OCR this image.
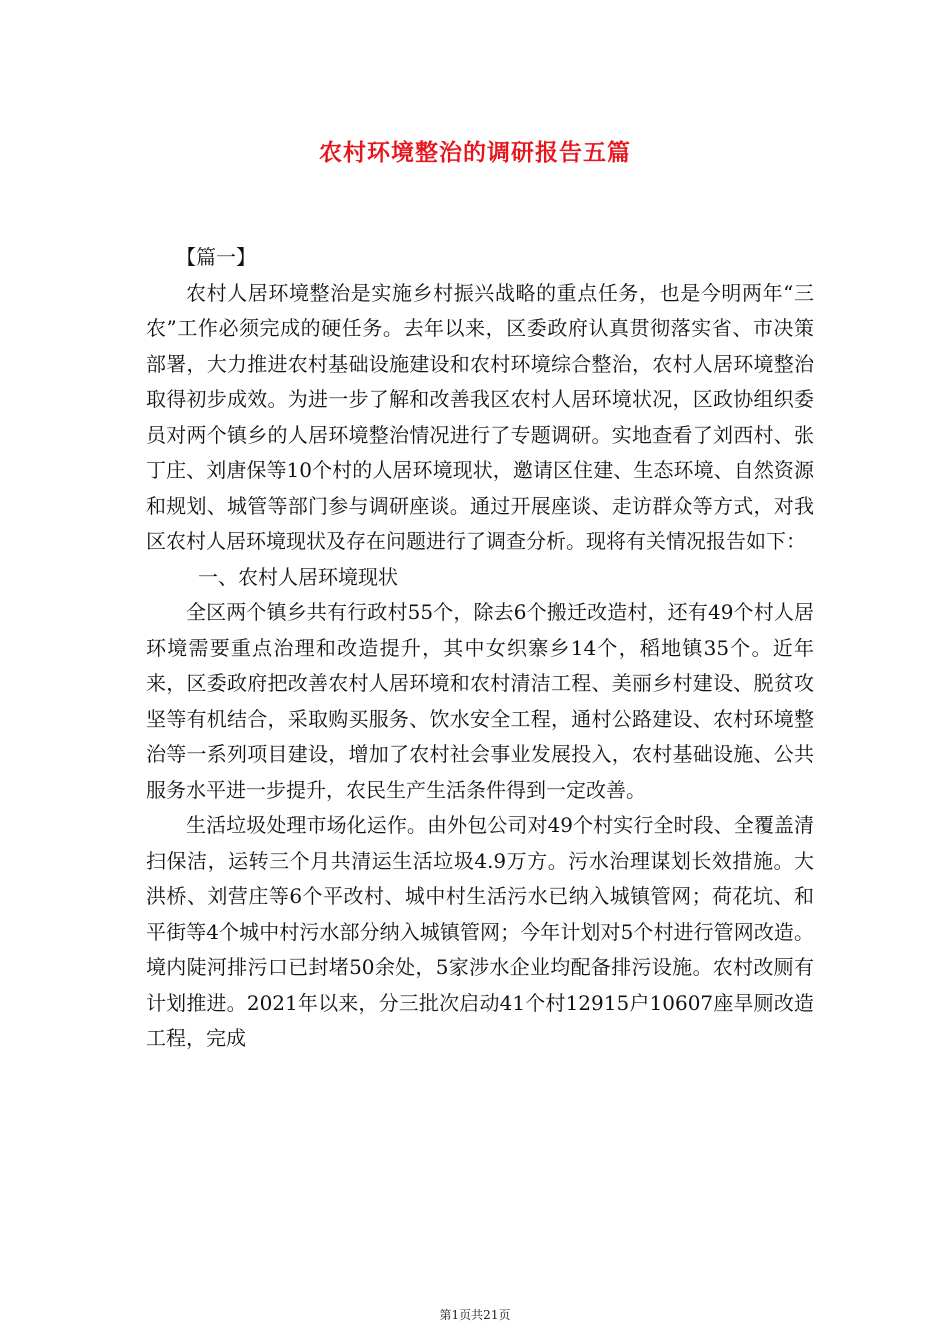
农村环境整治的调研报告五篇

【篇一】

农村人居环境整治是实施乡村振兴战略的重点任务，也是今明两年“三农”工作必须完成的硬任务。去年以来，区委政府认真贯彻落实省、市决策部署，大力推进农村基础设施建设和农村环境综合整治，农村人居环境整治取得初步成效。为进一步了解和改善我区农村人居环境状况，区政协组织委员对两个镇乡的人居环境整治情况进行了专题调研。实地查看了刘西村、张丁庄、刘唐保等10个村的人居环境现状，邀请区住建、生态环境、自然资源和规划、城管等部门参与调研座谈。通过开展座谈、走访群众等方式，对我区农村人居环境现状及存在问题进行了调查分析。现将有关情况报告如下：

一、农村人居环境现状

全区两个镇乡共有行政村55个，除去6个搬迁改造村，还有49个村人居环境需要重点治理和改造提升，其中女织寨乡14个，稻地镇35个。近年来，区委政府把改善农村人居环境和农村清洁工程、美丽乡村建设、脱贫攻坚等有机结合，采取购买服务、饮水安全工程，通村公路建设、农村环境整治等一系列项目建设，增加了农村社会事业发展投入，农村基础设施、公共服务水平进一步提升，农民生产生活条件得到一定改善。

生活垃圾处理市场化运作。由外包公司对49个村实行全时段、全覆盖清扫保洁，运转三个月共清运生活垃圾4.9万方。污水治理谋划长效措施。大洪桥、刘营庄等6个平改村、城中村生活污水已纳入城镇管网；荷花坑、和平街等4个城中村污水部分纳入城镇管网；今年计划对5个村进行管网改造。境内陡河排污口已封堵50余处，5家涉水企业均配备排污设施。农村改厕有计划推进。2021年以来，分三批次启动41个村12915户10607座旱厕改造工程，完成

第1页共21页
